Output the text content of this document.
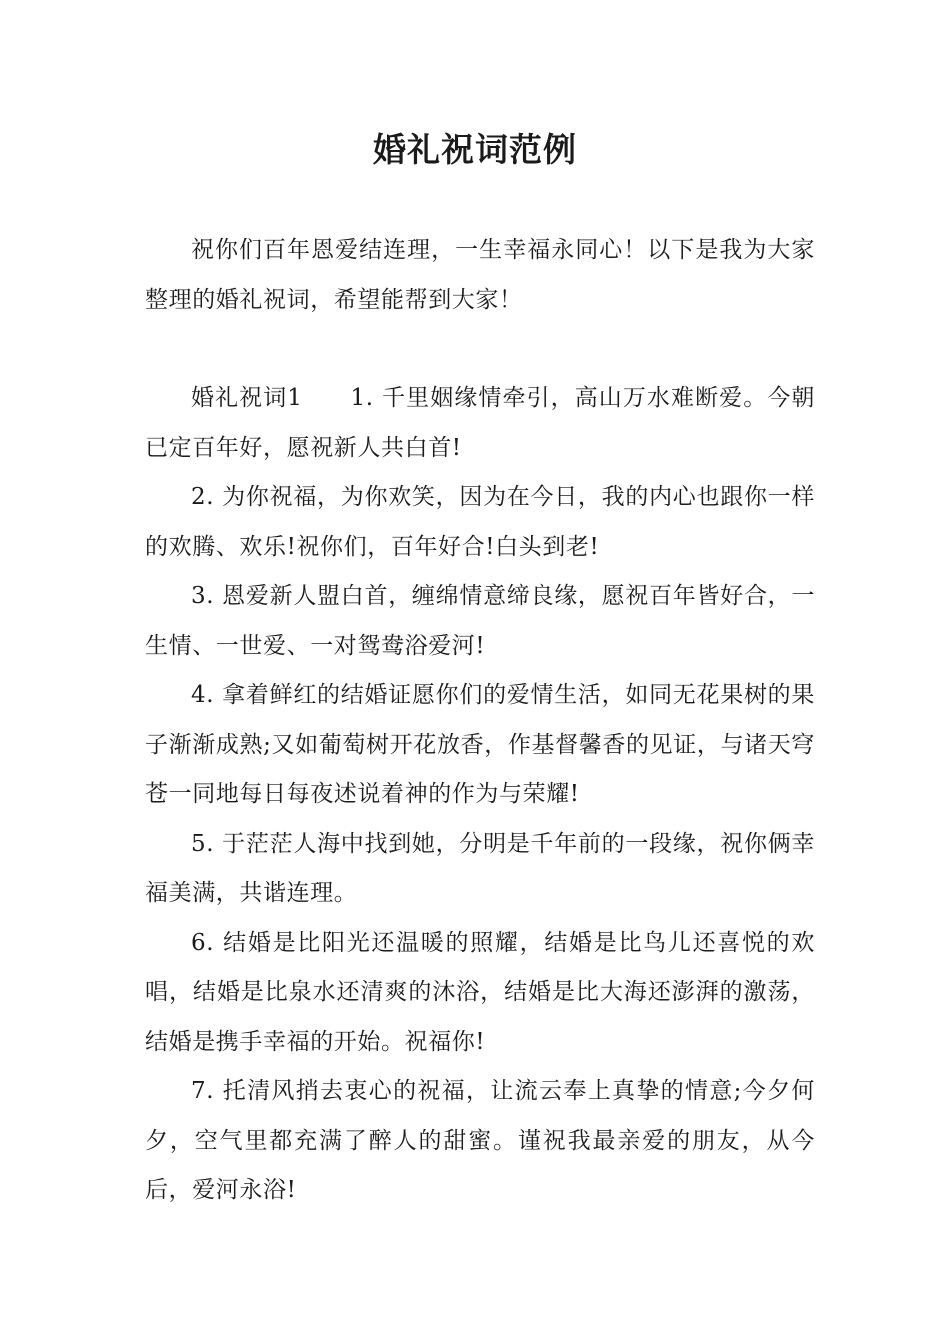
婚礼祝词范例

祝你们百年恩爱结连理，一生幸福永同心！以下是我为大家整理的婚礼祝词，希望能帮到大家！

婚礼祝词1 1. 千里姻缘情牵引，高山万水难断爱。今朝已定百年好，愿祝新人共白首!

2. 为你祝福，为你欢笑，因为在今日，我的内心也跟你一样的欢腾、欢乐!祝你们，百年好合!白头到老!

3. 恩爱新人盟白首，缠绵情意缔良缘，愿祝百年皆好合，一生情、一世爱、一对鸳鸯浴爱河!

4. 拿着鲜红的结婚证愿你们的爱情生活，如同无花果树的果子渐渐成熟;又如葡萄树开花放香，作基督馨香的见证，与诸天穹苍一同地每日每夜述说着神的作为与荣耀!

5. 于茫茫人海中找到她，分明是千年前的一段缘，祝你俩幸福美满，共谐连理。

6. 结婚是比阳光还温暖的照耀，结婚是比鸟儿还喜悦的欢唱，结婚是比泉水还清爽的沐浴，结婚是比大海还澎湃的激荡，结婚是携手幸福的开始。祝福你!

7. 托清风捎去衷心的祝福，让流云奉上真挚的情意;今夕何夕，空气里都充满了醉人的甜蜜。谨祝我最亲爱的朋友，从今后，爱河永浴!
